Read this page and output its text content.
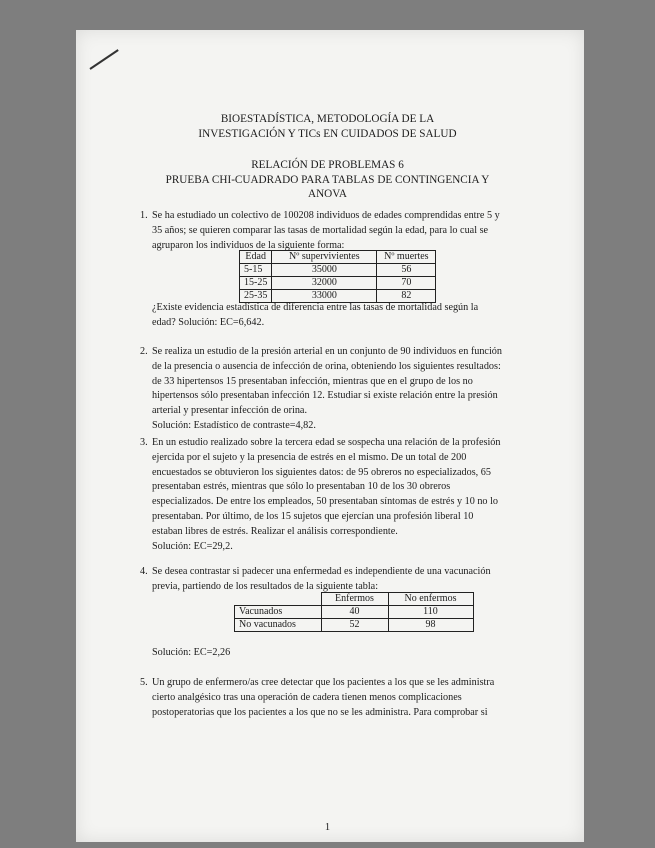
BIOESTADÍSTICA, METODOLOGÍA DE LA
INVESTIGACIÓN Y TICs EN CUIDADOS DE SALUD
RELACIÓN DE PROBLEMAS 6
PRUEBA CHI-CUADRADO PARA TABLAS DE CONTINGENCIA Y
ANOVA
1. Se ha estudiado un colectivo de 100208 individuos de edades comprendidas entre 5 y
35 años; se quieren comparar las tasas de mortalidad según la edad, para lo cual se
agruparon los individuos de la siguiente forma:

Edad	Nº supervivientes	Nº muertes
5-15	35000	56
15-25	32000	70
25-35	33000	82

¿Existe evidencia estadística de diferencia entre las tasas de mortalidad según la
edad? Solución: EC=6,642.

2. Se realiza un estudio de la presión arterial en un conjunto de 90 individuos en función
de la presencia o ausencia de infección de orina, obteniendo los siguientes resultados:
de 33 hipertensos 15 presentaban infección, mientras que en el grupo de los no
hipertensos sólo presentaban infección 12. Estudiar si existe relación entre la presión
arterial y presentar infección de orina.
Solución: Estadístico de contraste=4,82.

3. En un estudio realizado sobre la tercera edad se sospecha una relación de la profesión
ejercida por el sujeto y la presencia de estrés en el mismo. De un total de 200
encuestados se obtuvieron los siguientes datos: de 95 obreros no especializados, 65
presentaban estrés, mientras que sólo lo presentaban 10 de los 30 obreros
especializados. De entre los empleados, 50 presentaban síntomas de estrés y 10 no lo
presentaban. Por último, de los 15 sujetos que ejercían una profesión liberal 10
estaban libres de estrés. Realizar el análisis correspondiente.
Solución: EC=29,2.

4. Se desea contrastar si padecer una enfermedad es independiente de una vacunación
previa, partiendo de los resultados de la siguiente tabla:

	Enfermos	No enfermos
Vacunados	40	110
No vacunados	52	98

Solución: EC=2,26

5. Un grupo de enfermero/as cree detectar que los pacientes a los que se les administra
cierto analgésico tras una operación de cadera tienen menos complicaciones
postoperatorias que los pacientes a los que no se les administra. Para comprobar si

1
